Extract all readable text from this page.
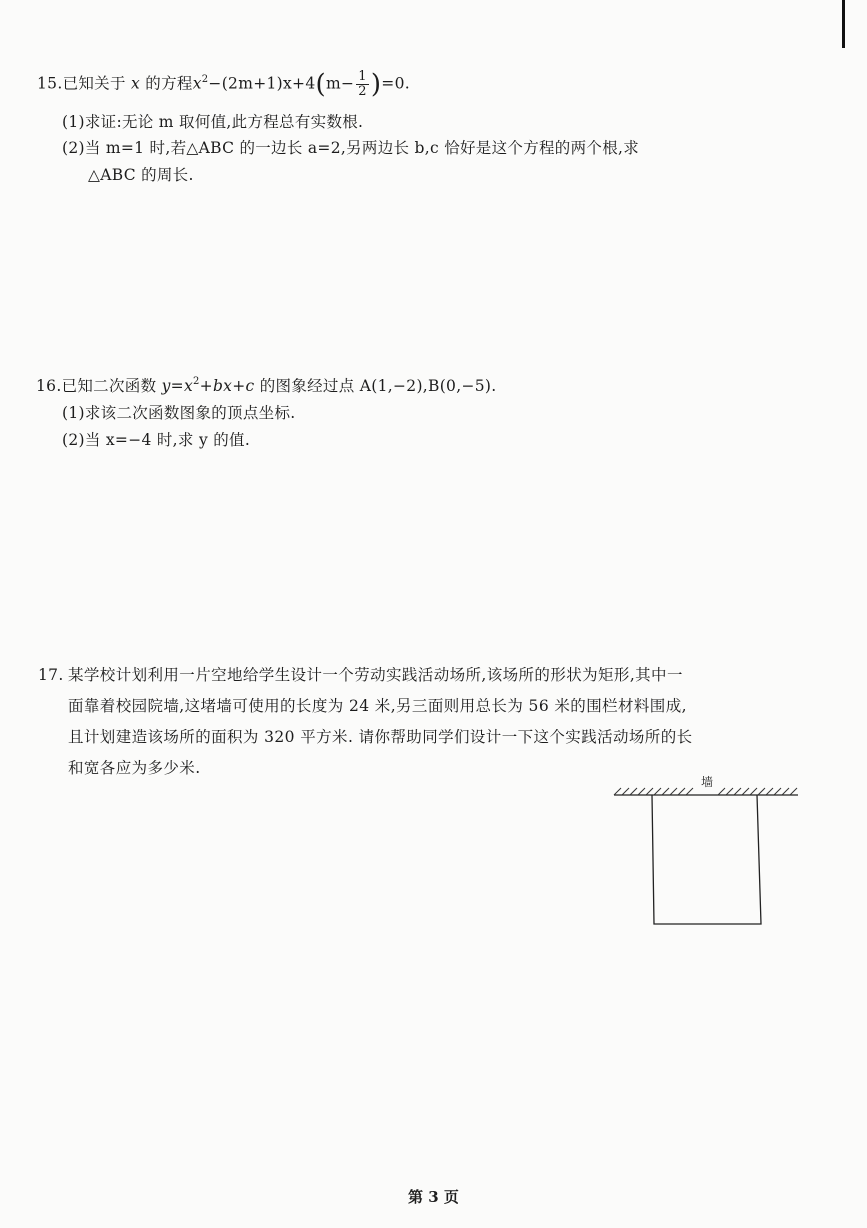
15.已知关于 x 的方程$x^2-(2m+1)x+4(m- \frac{1}{2} )=0$.
(1)求证:无论 m 取何值,此方程总有实数根.
(2)当 m=1 时,若△ABC 的一边长 a=2,另两边长 b,c 恰好是这个方程的两个根,求
△ABC 的周长.
16.已知二次函数 $y=x^2+bx+c$ 的图象经过点 A(1,−2),B(0,−5).
(1)求该二次函数图象的顶点坐标.
(2)当 x=−4 时,求 y 的值.
17. 某学校计划利用一片空地给学生设计一个劳动实践活动场所,该场所的形状为矩形,其中一
面靠着校园院墙,这堵墙可使用的长度为 24 米,另三面则用总长为 56 米的围栏材料围成,
且计划建造该场所的面积为 320 平方米. 请你帮助同学们设计一下这个实践活动场所的长
和宽各应为多少米.
墙
第 3 页
